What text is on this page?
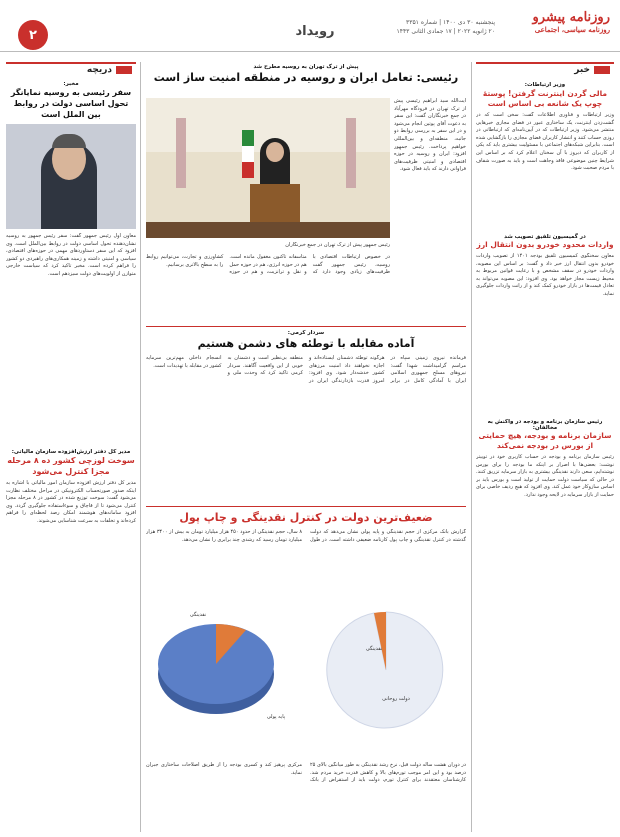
۲	رویداد
روزنامه پیشرو
روزنامه سیاسی، اجتماعی
پنجشنبه ۳۰ دی ۱۴۰۰ | شماره ۳۳۵۱
۲۰ ژانویه ۲۰۲۲ | ۱۷ جمادی الثانی ۱۴۴۳
خبر
وزیر ارتباطات:
مالی گردن اینترنت گرفتن! پوستهٔ چوپ یک شانعه بی اساس است
وزیر ارتباطات و فناوری اطلاعات گفت: سخن است که در گشت‌زدن اینترنت، یک ساختاری عبور در فضای مجازی خبرهایی منتشر می‌شود. وزیر ارتباطات که در آیین‌نامه‌ای که ارتباطاتی در روزی حساب کنند و انتشار کاربران فضای مجازی را بازگشایی شده است. بنابراین شبکه‌های اجتماعی با مسئولیت بیشتری باید که یکی از کاربران که دیروز با آن سخنان اعلام کرد که بر اساس این شرایط چنین موضوعی فاقد وجاهت است و باید به صورت شفاف با مردم صحبت شود.
در گمیسیون تلفیق تصویب شد
واردات محدود خودرو بدون انتقال ارز
معاون سخنگوی کمیسیون تلفیق بودجه ۱۴۰۱ از تصویب واردات خودرو بدون انتقال ارز خبر داد و گفت: بر اساس این مصوبه، واردات خودرو در سقف مشخص و با رعایت قوانین مربوط به محیط زیست مجاز خواهد بود. وی افزود: این مصوبه می‌تواند به تعادل قیمت‌ها در بازار خودرو کمک کند و از رانت واردات جلوگیری نماید.
رئیس سازمان برنامه و بودجه در واکنش به مخالفان:
سازمان برنامه و بودجه، هیچ حمایتی از بورس در بودجه نمی‌کند
رئیس سازمان برنامه و بودجه در حساب کاربری خود در توییتر نوشت: بعضی‌ها با اصرار بر اینکه ما بودجه را برای بورس نوشته‌ایم، سعی دارند نقدینگی بیشتری به بازار سرمایه تزریق کنند. در حالی که سیاست دولت حمایت از تولید است و بورس باید بر اساس سازوکار خود عمل کند. وی افزود که هیچ ردیف خاصی برای حمایت از بازار سرمایه در لایحه وجود ندارد.
دریچه
مخبر:
سفر رئیسی به روسیه نمایانگر تحول اساسی دولت در روابط بین الملل است
معاون اول رئیس جمهور گفت: سفر رئیس جمهور به روسیه نشان‌دهنده تحول اساسی دولت در روابط بین‌الملل است. وی افزود که این سفر دستاوردهای مهمی در حوزه‌های اقتصادی، سیاسی و امنیتی داشته و زمینه همکاری‌های راهبردی دو کشور را فراهم کرده است. مخبر تاکید کرد که سیاست خارجی متوازن از اولویت‌های دولت سیزدهم است.
مدیر کل دفتر ارزش‌افزوده سازمان مالیاتی:
سوخت لوزچی کشور ده ۸ مرحله مجزا کنترل می‌شود
مدیر کل دفتر ارزش افزوده سازمان امور مالیاتی با اشاره به اینکه صدور صورتحساب الکترونیکی در مراحل مختلف نظارت می‌شود گفت: سوخت توزیع شده در کشور در ۸ مرحله مجزا کنترل می‌شود تا از قاچاق و سوء‌استفاده جلوگیری گردد. وی افزود سامانه‌های هوشمند امکان رصد لحظه‌ای را فراهم کرده‌اند و تخلفات به سرعت شناسایی می‌شوند.
پیش از ترک تهران به روسیه مطرح شد
رئیسی: تعامل ایران و روسیه در منطقه امنیت ساز است
آیت‌الله سید ابراهیم رئیسی پیش از ترک تهران در فرودگاه مهرآباد در جمع خبرنگاران گفت: این سفر به دعوت آقای پوتین انجام می‌شود و در این سفر به بررسی روابط دو جانبه، منطقه‌ای و بین‌المللی خواهیم پرداخت. رئیس جمهور افزود: ایران و روسیه در حوزه اقتصادی و امنیتی ظرفیت‌های فراوانی دارند که باید فعال شود.
رئیس جمهور پیش از ترک تهران در جمع خبرنگاران
در خصوص ارتباطات اقتصادی با روسیه، رئیس جمهور گفت ظرفیت‌های زیادی وجود دارد که متأسفانه تاکنون مغفول مانده است. هم در حوزه انرژی، هم در حوزه حمل و نقل و ترانزیت، و هم در حوزه کشاورزی و تجارت، می‌توانیم روابط را به سطح بالاتری برسانیم.
سردار کرمی:
آماده مقابله با توطئه های دشمن هستیم
فرمانده نیروی زمینی سپاه در مراسم گرامیداشت شهدا گفت: نیروهای مسلح جمهوری اسلامی ایران با آمادگی کامل در برابر هرگونه توطئه دشمنان ایستاده‌اند و اجازه نخواهند داد امنیت مرزهای کشور خدشه‌دار شود. وی افزود: امروز قدرت بازدارندگی ایران در منطقه بی‌نظیر است و دشمنان به خوبی از این واقعیت آگاهند. سردار کرمی تاکید کرد که وحدت ملی و انسجام داخلی مهم‌ترین سرمایه کشور در مقابله با تهدیدات است.
ضعیف‌ترین دولت در کنترل نقدینگی و چاپ پول
گزارش بانک مرکزی از حجم نقدینگی و پایه پولی نشان می‌دهد که دولت گذشته در کنترل نقدینگی و چاپ پول کارنامه ضعیفی داشته است. در طول ۸ سال، حجم نقدینگی از حدود ۴۵۰ هزار میلیارد تومان به بیش از ۳۴۰۰ هزار میلیارد تومان رسید که رشدی چند برابری را نشان می‌دهد.
نقدینگی
پایه پولی
نقدینگی
دولت روحانی
در دوران هشت ساله دولت قبل، نرخ رشد نقدینگی به طور میانگین بالای ۲۵ درصد بود و این امر موجب تورم‌های بالا و کاهش قدرت خرید مردم شد. کارشناسان معتقدند برای کنترل تورم، دولت باید از استقراض از بانک مرکزی پرهیز کند و کسری بودجه را از طریق اصلاحات ساختاری جبران نماید.
